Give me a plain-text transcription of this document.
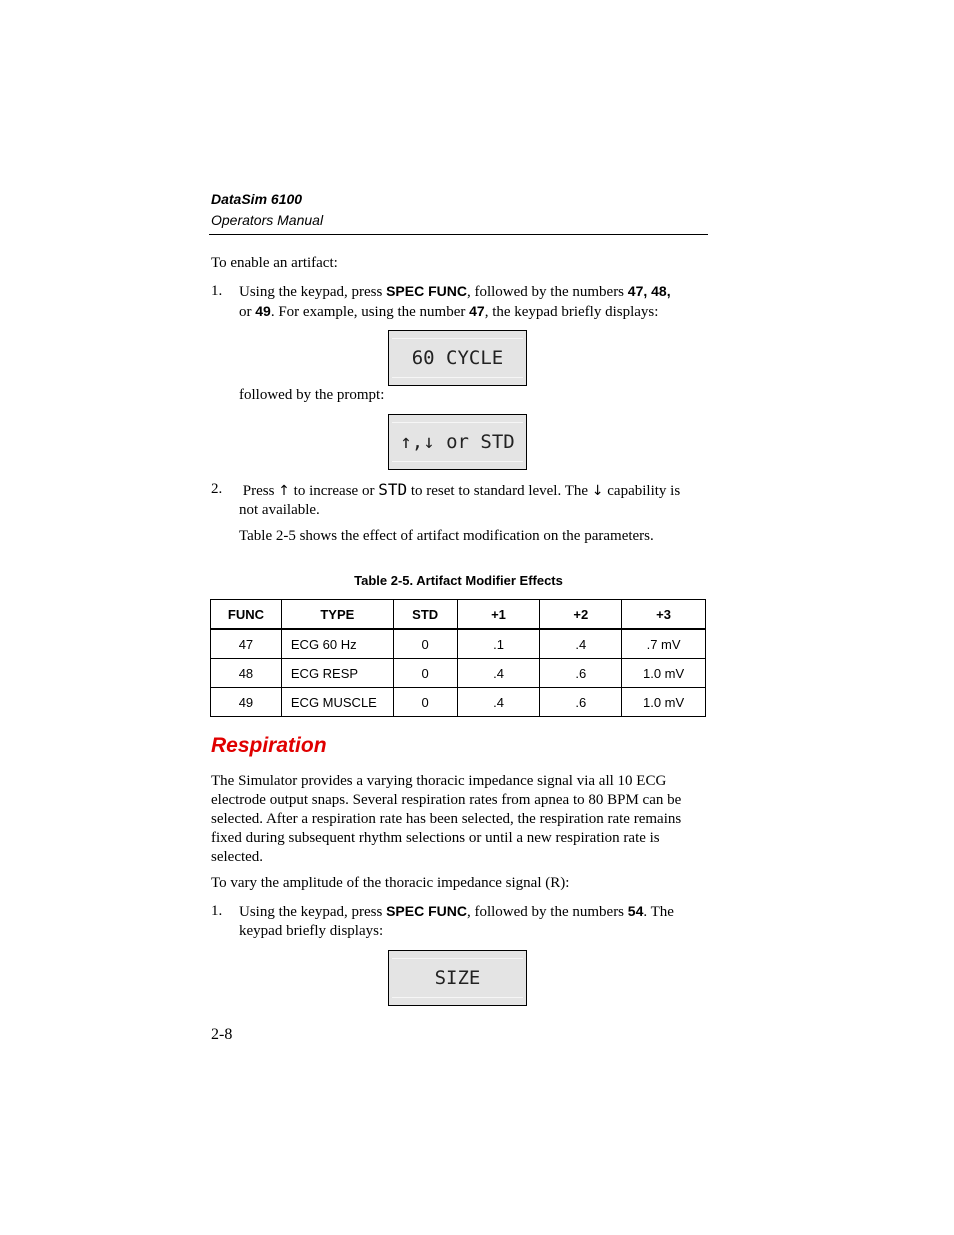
DataSim 6100
Operators Manual
To enable an artifact:
1.	Using the keypad, press SPEC FUNC, followed by the numbers 47, 48,
or 49. For example, using the number 47, the keypad briefly displays:
60 CYCLE
followed by the prompt:
↑,↓ or STD
2.	Press ↑ to increase or STD to reset to standard level. The ↓ capability is
not available.
Table 2-5 shows the effect of artifact modification on the parameters.
Table 2-5. Artifact Modifier Effects
FUNC	TYPE	STD	+1	+2	+3
47	ECG 60 Hz	0	.1	.4	.7 mV
48	ECG RESP	0	.4	.6	1.0 mV
49	ECG MUSCLE	0	.4	.6	1.0 mV
Respiration
The Simulator provides a varying thoracic impedance signal via all 10 ECG
electrode output snaps. Several respiration rates from apnea to 80 BPM can be
selected. After a respiration rate has been selected, the respiration rate remains
fixed during subsequent rhythm selections or until a new respiration rate is
selected.
To vary the amplitude of the thoracic impedance signal (R):
1.	Using the keypad, press SPEC FUNC, followed by the numbers 54. The
keypad briefly displays:
SIZE
2-8
